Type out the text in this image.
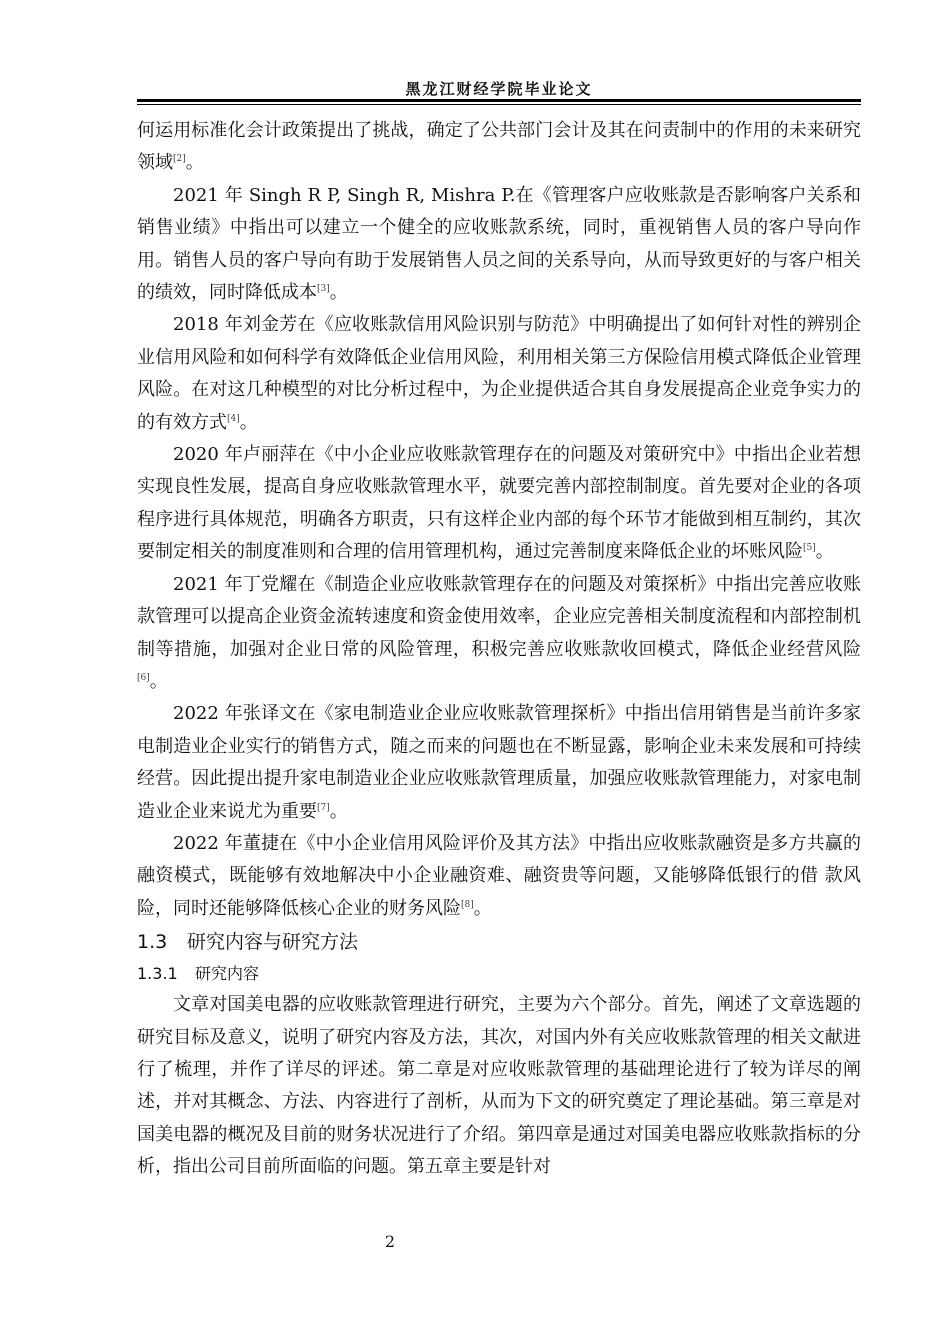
黑龙江财经学院毕业论文

何运用标准化会计政策提出了挑战，确定了公共部门会计及其在问责制中的作用的未来研究领域[2]。

2021 年 Singh R P, Singh R, Mishra P.在《管理客户应收账款是否影响客户关系和销售业绩》中指出可以建立一个健全的应收账款系统，同时，重视销售人员的客户导向作用。销售人员的客户导向有助于发展销售人员之间的关系导向，从而导致更好的与客户相关的绩效，同时降低成本[3]。

2018 年刘金芳在《应收账款信用风险识别与防范》中明确提出了如何针对性的辨别企业信用风险和如何科学有效降低企业信用风险，利用相关第三方保险信用模式降低企业管理风险。在对这几种模型的对比分析过程中，为企业提供适合其自身发展提高企业竞争实力的的有效方式[4]。

2020 年卢丽萍在《中小企业应收账款管理存在的问题及对策研究中》中指出企业若想实现良性发展，提高自身应收账款管理水平，就要完善内部控制制度。首先要对企业的各项程序进行具体规范，明确各方职责，只有这样企业内部的每个环节才能做到相互制约，其次要制定相关的制度准则和合理的信用管理机构，通过完善制度来降低企业的坏账风险[5]。

2021 年丁党耀在《制造企业应收账款管理存在的问题及对策探析》中指出完善应收账款管理可以提高企业资金流转速度和资金使用效率，企业应完善相关制度流程和内部控制机制等措施，加强对企业日常的风险管理，积极完善应收账款收回模式，降低企业经营风险[6]。

2022 年张译文在《家电制造业企业应收账款管理探析》中指出信用销售是当前许多家电制造业企业实行的销售方式，随之而来的问题也在不断显露，影响企业未来发展和可持续经营。因此提出提升家电制造业企业应收账款管理质量，加强应收账款管理能力，对家电制造业企业来说尤为重要[7]。

2022 年董捷在《中小企业信用风险评价及其方法》中指出应收账款融资是多方共赢的融资模式，既能够有效地解决中小企业融资难、融资贵等问题，又能够降低银行的借 款风险，同时还能够降低核心企业的财务风险[8]。

1.3 研究内容与研究方法
1.3.1 研究内容

文章对国美电器的应收账款管理进行研究，主要为六个部分。首先，阐述了文章选题的研究目标及意义，说明了研究内容及方法，其次，对国内外有关应收账款管理的相关文献进行了梳理，并作了详尽的评述。第二章是对应收账款管理的基础理论进行了较为详尽的阐述，并对其概念、方法、内容进行了剖析，从而为下文的研究奠定了理论基础。第三章是对国美电器的概况及目前的财务状况进行了介绍。第四章是通过对国美电器应收账款指标的分析，指出公司目前所面临的问题。第五章主要是针对

2
